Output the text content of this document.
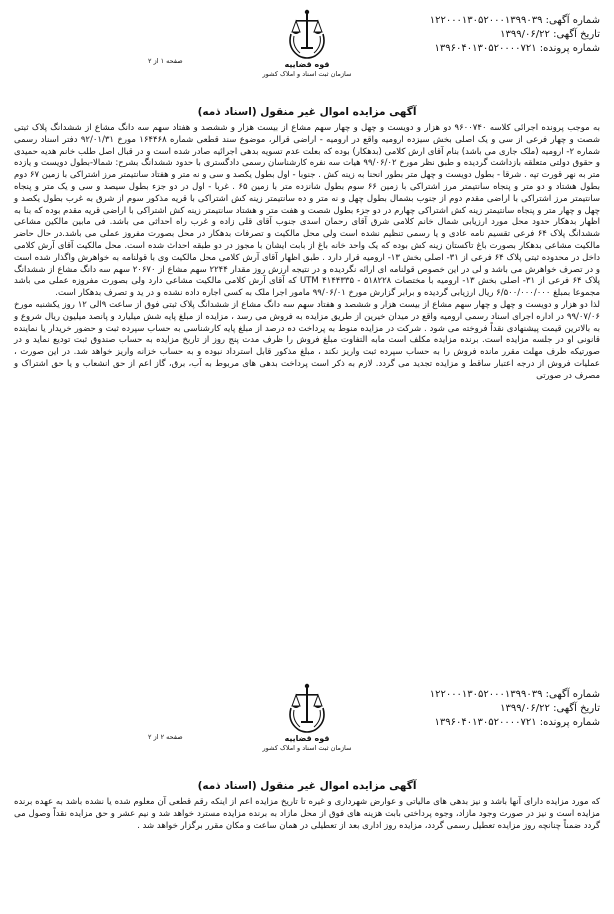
شماره آگهی: ۱۲۲۰۰۰۱۳۰۵۲۰۰۰۱۳۹۹۰۳۹
تاریخ آگهی: ۱۳۹۹/۰۶/۲۲
شماره پرونده: ۱۳۹۶۰۴۰۱۳۰۵۲۰۰۰۰۷۲۱
قوه قضاییه
سازمان ثبت اسناد و املاک کشور
صفحه ۱ از ۲
آگهی مزایده اموال غیر منقول (اسناد ذمه)

به موجب پرونده اجرائی کلاسه ۹۶۰۰۷۴۰ دو هزار و دویست و چهل و چهار سهم مشاع از بیست هزار و ششصد و هفتاد سهم سه دانگ مشاع از ششدانگ پلاک ثبتی شصت و چهار فرعی از سی و یک اصلی بخش سیزده ارومیه واقع در ارومیه - اراضی قرالر، موضوع سند قطعی شماره ۱۶۴۴۶۸ مورخ ۹۲/۰۱/۳۱ دفتر اسناد رسمی شماره ۲- ارومیه (ملک جاری می باشد) بنام آقای ارش کلامی (بدهکار) بوده که بعلت عدم تسویه بدهی اجرائیه صادر شده است و در قبال اصل طلب خانم هدیه حمیدی و حقوق دولتی متعلقه بازداشت گردیده و طبق نظر مورخ ۹۹/۰۶/۰۲ هیات سه نفره کارشناسان رسمی دادگستری با حدود ششدانگ بشرح: شمالا-بطول دویست و یازده متر به نهر قورت تپه . شرقا - بطول دویست و چهل متر بطور انحنا به زینه کش . جنوبا - اول بطول یکصد و سی و نه متر و هفتاد سانتیمتر مرز اشتراکی با زمین ۶۷ دوم بطول هشتاد و دو متر و پنجاه سانتیمتر مرز اشتراکی با زمین ۶۶ سوم بطول شانزده متر با زمین ۶۵ . غربا - اول در دو جزء بطول سیصد و سی و یک متر و پنجاه سانتیمتر مرز اشتراکی با اراضی مقدم دوم از جنوب بشمال بطول چهل و نه متر و ده سانتیمتر زینه کش اشتراکی با قریه مذکور سوم از شرق به غرب بطول یکصد و چهل و چهار متر و پنجاه سانتیمتر زینه کش اشتراکی چهارم در دو جزء بطول شصت و هفت متر و هشتاد سانتیمتر زینه کش اشتراکی با اراضی قریه مقدم بوده که بنا به اظهار بدهکار حدود محل مورد ارزیابی شمال خانم کلامی شرق آقای رحمان اسدی جنوب آقای قلی زاده و غرب راه احداثی می باشد. فی مابین مالکین مشاعی ششدانگ پلاک ۶۴ فرعی تقسیم نامه عادی و یا رسمی تنظیم نشده است ولی محل مالکیت و تصرفات بدهکار در محل بصورت مفروز عملی می باشد.در حال حاضر مالکیت مشاعی بدهکار بصورت باغ تاکستان زینه کش بوده که یک واحد خانه باغ از بابت ایشان با مجوز در دو طبقه احداث شده است. محل مالکیت آقای آرش کلامی داخل در محدوده ثبتی پلاک ۶۴ فرعی از ۳۱- اصلی بخش ۱۳- ارومیه قرار دارد . طبق اظهار آقای آرش کلامی محل مالکیت وی با قولنامه به خواهرش واگذار شده است و در تصرف خواهرش می باشد و لی در این خصوص قولنامه ای ارائه نگردیده و در نتیجه ارزش روز مقدار ۲۲۴۴ سهم مشاع از ۲۰۶۷۰ سهم سه دانگ مشاع از ششدانگ پلاک ۶۴ فرعی از ۳۱- اصلی بخش ۱۳- ارومیه با مختصات ۵۱۸۲۲۸ - ۴۱۴۴۳۳۵ UTM که آقای آرش کلامی مالکیت مشاعی دارد ولی بصورت مفروزه عملی می باشد مجموعا بمبلغ ۶/۵۰۰/۰۰۰/۰۰۰ ریال ارزیابی گردیده و برابر گزارش مورخ ۹۹/۰۶/۰۱ مامور اجرا ملک به کسی اجاره داده نشده و در ید و تصرف بدهکار است.

لذا دو هزار و دویست و چهل و چهار سهم مشاع از بیست هزار و ششصد و هفتاد سهم سه دانگ مشاع از ششدانگ پلاک ثبتی فوق از ساعت ۹الی ۱۲ روز یکشنبه مورخ ۹۹/۰۷/۰۶ در اداره اجرای اسناد رسمی ارومیه واقع در میدان خیرین از طریق مزایده به فروش می رسد ، مزایده از مبلغ پایه شش میلیارد و پانصد میلیون ریال شروع و به بالاترین قیمت پیشنهادی نقداً فروخته می شود . شرکت در مزایده منوط به پرداخت ده درصد از مبلغ پایه کارشناسی به حساب سپرده ثبت و حضور خریدار یا نماینده قانونی او در جلسه مزایده است. برنده مزایده مکلف است مابه التفاوت مبلغ فروش را ظرف مدت پنج روز از تاریخ مزایده به حساب صندوق ثبت تودیع نماید و در صورتیکه ظرف مهلت مقرر مانده فروش را به حساب سپرده ثبت واریز نکند ، مبلغ مذکور قابل استرداد نبوده و به حساب خزانه واریز خواهد شد. در این صورت ، عملیات فروش از درجه اعتبار ساقط و مزایده تجدید می گردد. لازم به ذکر است پرداخت بدهی های مربوط به آب، برق، گاز اعم از حق انشعاب و یا حق اشتراک و مصرف در صورتی

شماره آگهی: ۱۲۲۰۰۰۱۳۰۵۲۰۰۰۱۳۹۹۰۳۹
تاریخ آگهی: ۱۳۹۹/۰۶/۲۲
شماره پرونده: ۱۳۹۶۰۴۰۱۳۰۵۲۰۰۰۰۷۲۱
قوه قضاییه
سازمان ثبت اسناد و املاک کشور
صفحه ۲ از ۲
آگهی مزایده اموال غیر منقول (اسناد ذمه)

که مورد مزایده دارای آنها باشد و نیز بدهی های مالیاتی و عوارض شهرداری و غیره تا تاریخ مزایده اعم از اینکه رقم قطعی آن معلوم شده یا نشده باشد به عهده برنده مزایده است و نیز در صورت وجود مازاد، وجوه پرداختی بابت هزینه های فوق از محل مازاد به برنده مزایده مسترد خواهد شد و نیم عشر و حق مزایده نقداً وصول می گردد ضمناً چنانچه روز مزایده تعطیل رسمی گردد، مزایده روز اداری بعد از تعطیلی در همان ساعت و مکان مقرر برگزار خواهد شد .
